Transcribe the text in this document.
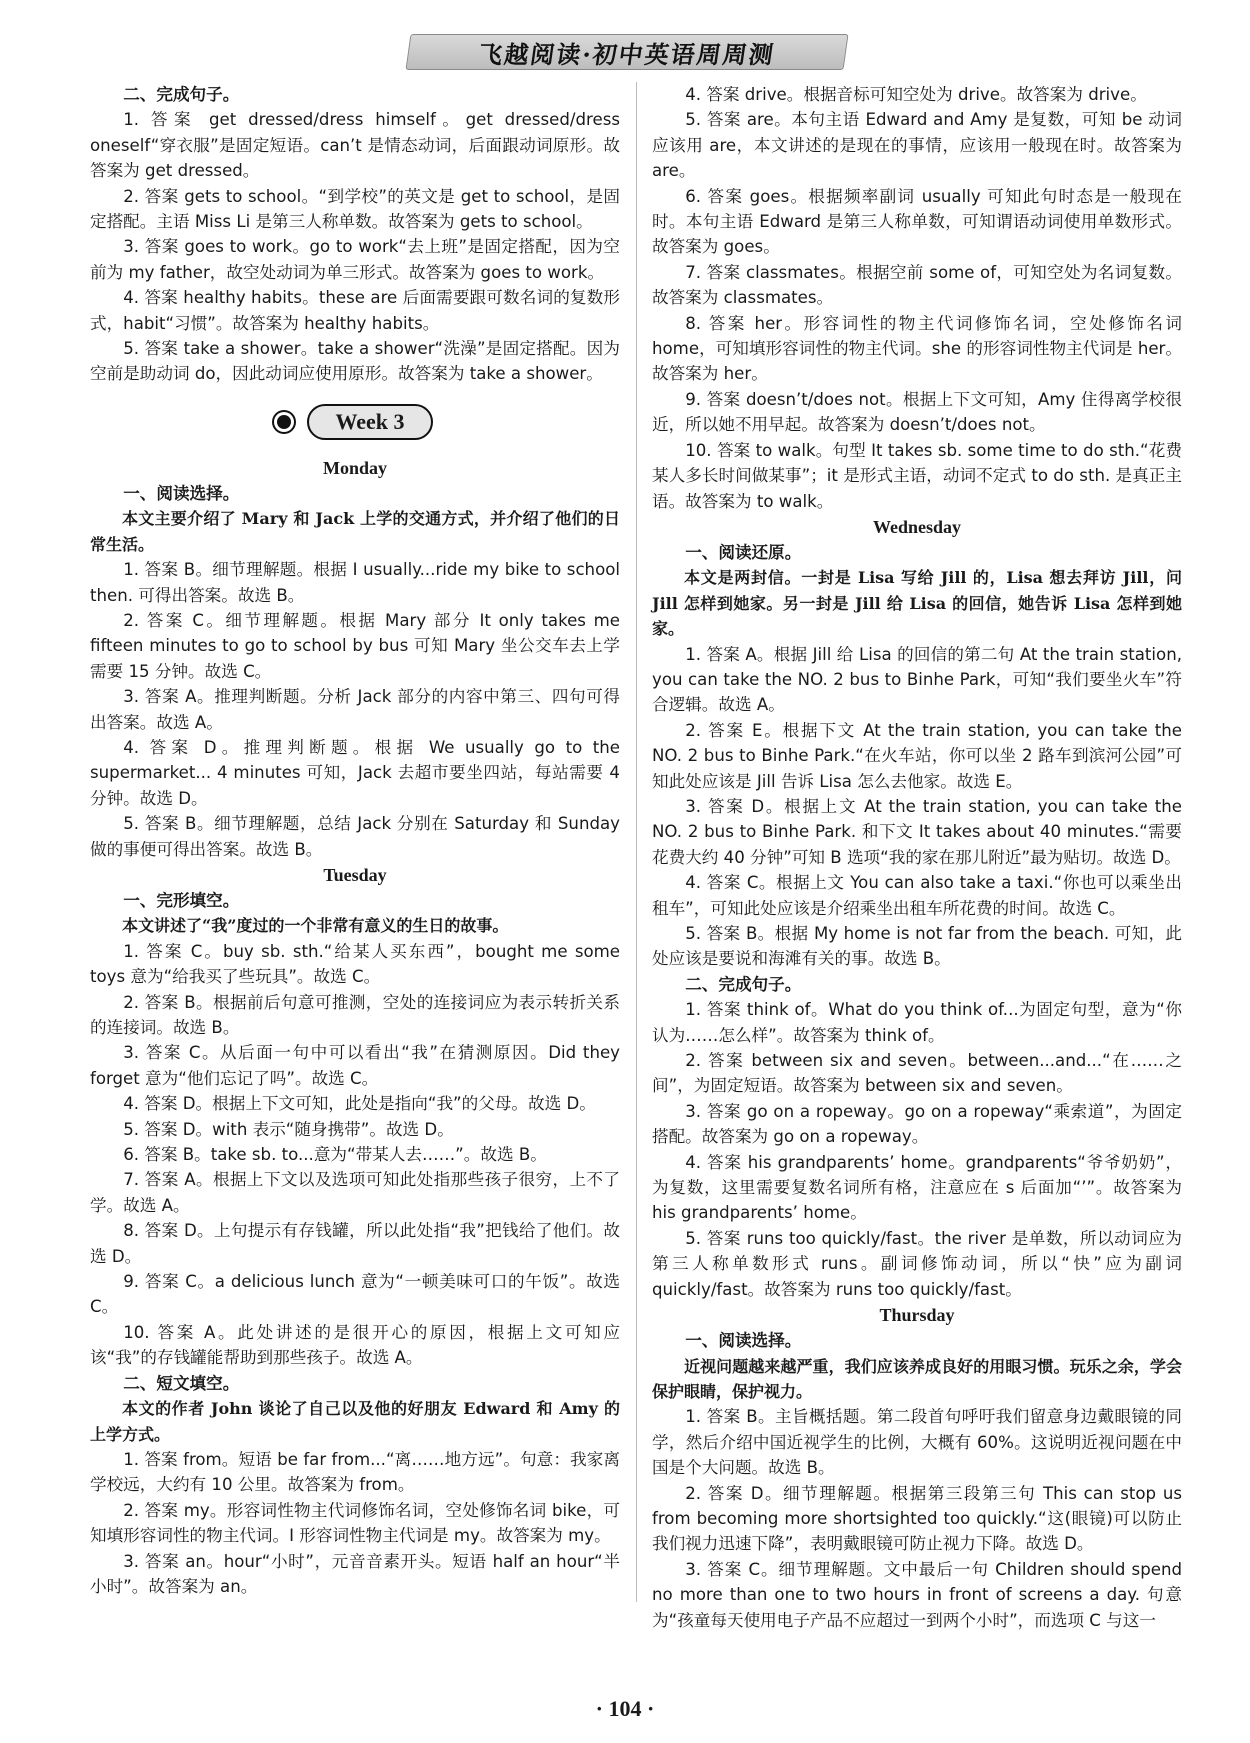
飞越阅读·初中英语周周测

二、完成句子。

1. 答案 get dressed/dress himself。get dressed/dress oneself“穿衣服”是固定短语。can’t 是情态动词，后面跟动词原形。故答案为 get dressed。

2. 答案 gets to school。“到学校”的英文是 get to school，是固定搭配。主语 Miss Li 是第三人称单数。故答案为 gets to school。

3. 答案 goes to work。go to work“去上班”是固定搭配，因为空前为 my father，故空处动词为单三形式。故答案为 goes to work。

4. 答案 healthy habits。these are 后面需要跟可数名词的复数形式，habit“习惯”。故答案为 healthy habits。

5. 答案 take a shower。take a shower“洗澡”是固定搭配。因为空前是助动词 do，因此动词应使用原形。故答案为 take a shower。

Week 3

Monday

一、阅读选择。

本文主要介绍了 Mary 和 Jack 上学的交通方式，并介绍了他们的日常生活。

1. 答案 B。细节理解题。根据 I usually...ride my bike to school then. 可得出答案。故选 B。

2. 答案 C。细节理解题。根据 Mary 部分 It only takes me fifteen minutes to go to school by bus 可知 Mary 坐公交车去上学需要 15 分钟。故选 C。

3. 答案 A。推理判断题。分析 Jack 部分的内容中第三、四句可得出答案。故选 A。

4. 答案 D。推理判断题。根据 We usually go to the supermarket... 4 minutes 可知，Jack 去超市要坐四站，每站需要 4 分钟。故选 D。

5. 答案 B。细节理解题，总结 Jack 分别在 Saturday 和 Sunday 做的事便可得出答案。故选 B。

Tuesday

一、完形填空。

本文讲述了“我”度过的一个非常有意义的生日的故事。

1. 答案 C。buy sb. sth.“给某人买东西”，bought me some toys 意为“给我买了些玩具”。故选 C。

2. 答案 B。根据前后句意可推测，空处的连接词应为表示转折关系的连接词。故选 B。

3. 答案 C。从后面一句中可以看出“我”在猜测原因。Did they forget 意为“他们忘记了吗”。故选 C。

4. 答案 D。根据上下文可知，此处是指向“我”的父母。故选 D。

5. 答案 D。with 表示“随身携带”。故选 D。

6. 答案 B。take sb. to...意为“带某人去……”。故选 B。

7. 答案 A。根据上下文以及选项可知此处指那些孩子很穷，上不了学。故选 A。

8. 答案 D。上句提示有存钱罐，所以此处指“我”把钱给了他们。故选 D。

9. 答案 C。a delicious lunch 意为“一顿美味可口的午饭”。故选 C。

10. 答案 A。此处讲述的是很开心的原因，根据上文可知应该“我”的存钱罐能帮助到那些孩子。故选 A。

二、短文填空。

本文的作者 John 谈论了自己以及他的好朋友 Edward 和 Amy 的上学方式。

1. 答案 from。短语 be far from...“离……地方远”。句意：我家离学校远，大约有 10 公里。故答案为 from。

2. 答案 my。形容词性物主代词修饰名词，空处修饰名词 bike，可知填形容词性的物主代词。I 形容词性物主代词是 my。故答案为 my。

3. 答案 an。hour“小时”，元音音素开头。短语 half an hour“半小时”。故答案为 an。

4. 答案 drive。根据音标可知空处为 drive。故答案为 drive。

5. 答案 are。本句主语 Edward and Amy 是复数，可知 be 动词应该用 are，本文讲述的是现在的事情，应该用一般现在时。故答案为 are。

6. 答案 goes。根据频率副词 usually 可知此句时态是一般现在时。本句主语 Edward 是第三人称单数，可知谓语动词使用单数形式。故答案为 goes。

7. 答案 classmates。根据空前 some of，可知空处为名词复数。故答案为 classmates。

8. 答案 her。形容词性的物主代词修饰名词，空处修饰名词 home，可知填形容词性的物主代词。she 的形容词性物主代词是 her。故答案为 her。

9. 答案 doesn’t/does not。根据上下文可知，Amy 住得离学校很近，所以她不用早起。故答案为 doesn’t/does not。

10. 答案 to walk。句型 It takes sb. some time to do sth.“花费某人多长时间做某事”；it 是形式主语，动词不定式 to do sth. 是真正主语。故答案为 to walk。

Wednesday

一、阅读还原。

本文是两封信。一封是 Lisa 写给 Jill 的，Lisa 想去拜访 Jill，问 Jill 怎样到她家。另一封是 Jill 给 Lisa 的回信，她告诉 Lisa 怎样到她家。

1. 答案 A。根据 Jill 给 Lisa 的回信的第二句 At the train station, you can take the NO. 2 bus to Binhe Park，可知“我们要坐火车”符合逻辑。故选 A。

2. 答案 E。根据下文 At the train station, you can take the NO. 2 bus to Binhe Park.“在火车站，你可以坐 2 路车到滨河公园”可知此处应该是 Jill 告诉 Lisa 怎么去他家。故选 E。

3. 答案 D。根据上文 At the train station, you can take the NO. 2 bus to Binhe Park. 和下文 It takes about 40 minutes.“需要花费大约 40 分钟”可知 B 选项“我的家在那儿附近”最为贴切。故选 D。

4. 答案 C。根据上文 You can also take a taxi.“你也可以乘坐出租车”，可知此处应该是介绍乘坐出租车所花费的时间。故选 C。

5. 答案 B。根据 My home is not far from the beach. 可知，此处应该是要说和海滩有关的事。故选 B。

二、完成句子。

1. 答案 think of。What do you think of...为固定句型，意为“你认为……怎么样”。故答案为 think of。

2. 答案 between six and seven。between...and...“在……之间”，为固定短语。故答案为 between six and seven。

3. 答案 go on a ropeway。go on a ropeway“乘索道”，为固定搭配。故答案为 go on a ropeway。

4. 答案 his grandparents’ home。grandparents“爷爷奶奶”，为复数，这里需要复数名词所有格，注意应在 s 后面加“’”。故答案为 his grandparents’ home。

5. 答案 runs too quickly/fast。the river 是单数，所以动词应为第三人称单数形式 runs。副词修饰动词，所以“快”应为副词 quickly/fast。故答案为 runs too quickly/fast。

Thursday

一、阅读选择。

近视问题越来越严重，我们应该养成良好的用眼习惯。玩乐之余，学会保护眼睛，保护视力。

1. 答案 B。主旨概括题。第二段首句呼吁我们留意身边戴眼镜的同学，然后介绍中国近视学生的比例，大概有 60%。这说明近视问题在中国是个大问题。故选 B。

2. 答案 D。细节理解题。根据第三段第三句 This can stop us from becoming more shortsighted too quickly.“这(眼镜)可以防止我们视力迅速下降”，表明戴眼镜可防止视力下降。故选 D。

3. 答案 C。细节理解题。文中最后一句 Children should spend no more than one to two hours in front of screens a day. 句意为“孩童每天使用电子产品不应超过一到两个小时”，而选项 C 与这一

· 104 ·
